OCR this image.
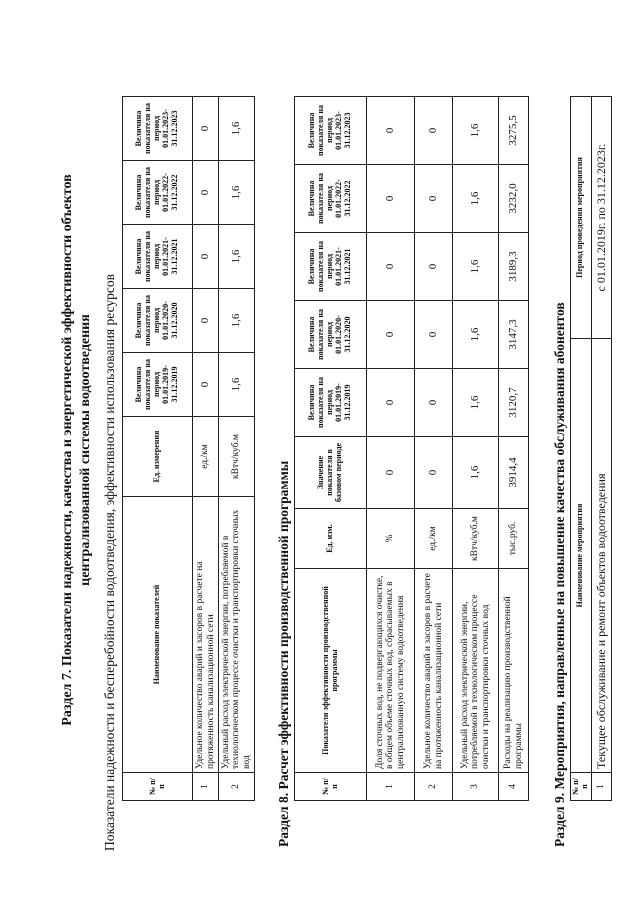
Раздел 7. Показатели надежности, качества и энергетической эффективности объектов централизованной системы водоотведения Показатели надежности и бесперебойности водоотведения, эффективности использования ресурсов	№ п/п	Наименование показателей	Ед. измерения	Величина показателя на период 01.01.2019-31.12.2019	Величина показателя на период 01.01.2020-31.12.2020	Величина показателя на период 01.01.2021-31.12.2021	Величина показателя на период 01.01.2022-31.12.2022	Величина показателя на период 01.01.2023-31.12.2023
1	Удельное количество аварий и засоров в расчете на протяженность канализационной сети	ед./км	0	0	0	0	0
2	Удельный расход электрической энергии, потребляемой в технологическом процессе очистки и транспортировки сточных вод	кВтч/куб.м	1,6	1,6	1,6	1,6	1,6
Раздел 8. Расчет эффективности производственной программы	№ п/п	Показатели эффективности производственной программы	Ед. изм.	Значение показателя в базовом периоде	Величина показателя на период 01.01.2019-31.12.2019	Величина показателя на период 01.01.2020-31.12.2020	Величина показателя на период 01.01.2021-31.12.2021	Величина показателя на период 01.01.2022-31.12.2022	Величина показателя на период 01.01.2023-31.12.2023
1	Доля сточных вод, не подвергающихся очистке, в общем объеме сточных вод, сбрасываемых в централизованную систему водоотведения	%	0	0	0	0	0	0
2	Удельное количество аварий и засоров в расчете на протяженность канализационной сети	ед./км	0	0	0	0	0	0
3	Удельный расход электрической энергии, потребляемой в технологическом процессе очистки и транспортировки сточных вод	кВтч/куб.м	1,6	1,6	1,6	1,6	1,6	1,6
4	Расходы на реализацию производственной программы	тыс.руб.	3914,4	3120,7	3147,3	3189,3	3232,0	3275,5
Раздел 9. Мероприятия, направленные на повышение качества обслуживания абонентов № п/п	Наименование мероприятия	Период проведения мероприятия
1	Текущее обслуживание и ремонт объектов водоотведения	с 01.01.2019г. по 31.12.2023г.
